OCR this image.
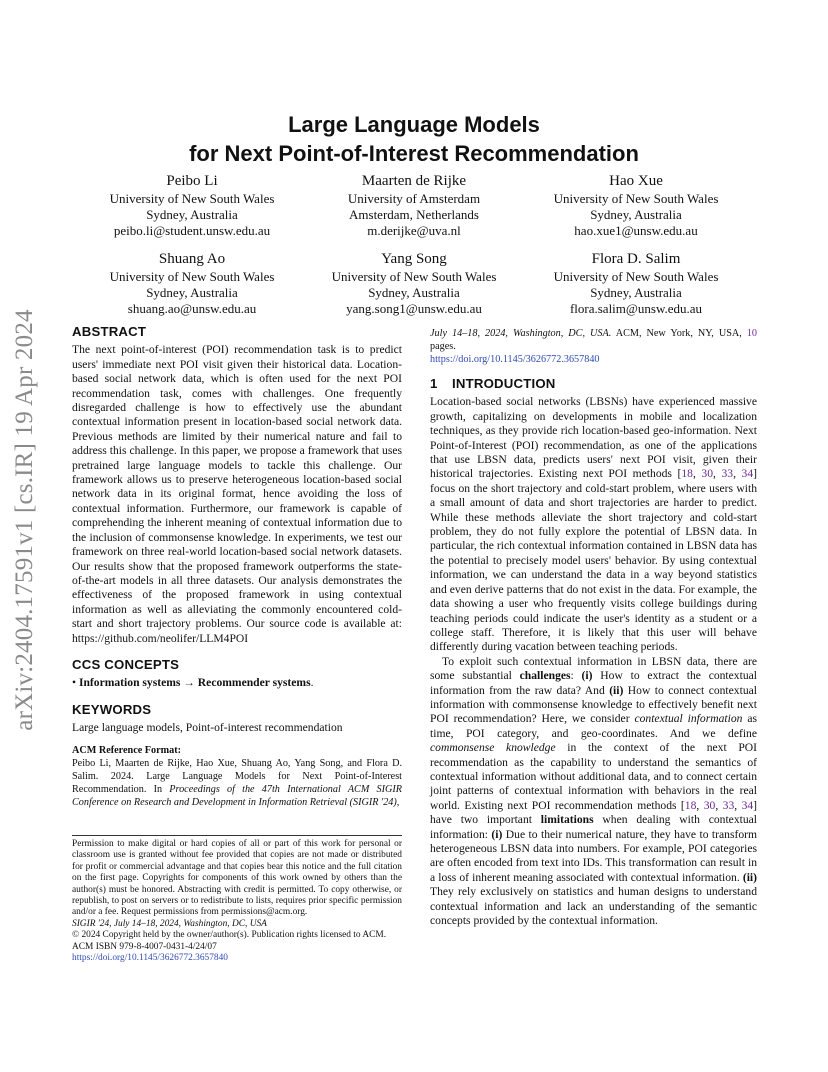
arXiv:2404.17591v1 [cs.IR] 19 Apr 2024
Large Language Models
for Next Point-of-Interest Recommendation
Peibo Li
University of New South Wales
Sydney, Australia
peibo.li@student.unsw.edu.au
Maarten de Rijke
University of Amsterdam
Amsterdam, Netherlands
m.derijke@uva.nl
Hao Xue
University of New South Wales
Sydney, Australia
hao.xue1@unsw.edu.au
Shuang Ao
University of New South Wales
Sydney, Australia
shuang.ao@unsw.edu.au
Yang Song
University of New South Wales
Sydney, Australia
yang.song1@unsw.edu.au
Flora D. Salim
University of New South Wales
Sydney, Australia
flora.salim@unsw.edu.au
ABSTRACT

The next point-of-interest (POI) recommendation task is to predict users' immediate next POI visit given their historical data. Location-based social network data, which is often used for the next POI recommendation task, comes with challenges. One frequently disregarded challenge is how to effectively use the abundant contextual information present in location-based social network data. Previous methods are limited by their numerical nature and fail to address this challenge. In this paper, we propose a framework that uses pretrained large language models to tackle this challenge. Our framework allows us to preserve heterogeneous location-based social network data in its original format, hence avoiding the loss of contextual information. Furthermore, our framework is capable of comprehending the inherent meaning of contextual information due to the inclusion of commonsense knowledge. In experiments, we test our framework on three real-world location-based social network datasets. Our results show that the proposed framework outperforms the state-of-the-art models in all three datasets. Our analysis demonstrates the effectiveness of the proposed framework in using contextual information as well as alleviating the commonly encountered cold-start and short trajectory problems. Our source code is available at: https://github.com/neolifer/LLM4POI

CCS CONCEPTS

• Information systems → Recommender systems.

KEYWORDS

Large language models, Point-of-interest recommendation

ACM Reference Format:
Peibo Li, Maarten de Rijke, Hao Xue, Shuang Ao, Yang Song, and Flora D. Salim. 2024. Large Language Models for Next Point-of-Interest Recommendation. In Proceedings of the 47th International ACM SIGIR Conference on Research and Development in Information Retrieval (SIGIR '24),

Permission to make digital or hard copies of all or part of this work for personal or classroom use is granted without fee provided that copies are not made or distributed for profit or commercial advantage and that copies bear this notice and the full citation on the first page. Copyrights for components of this work owned by others than the author(s) must be honored. Abstracting with credit is permitted. To copy otherwise, or republish, to post on servers or to redistribute to lists, requires prior specific permission and/or a fee. Request permissions from permissions@acm.org.

SIGIR '24, July 14–18, 2024, Washington, DC, USA

© 2024 Copyright held by the owner/author(s). Publication rights licensed to ACM.

ACM ISBN 979-8-4007-0431-4/24/07

https://doi.org/10.1145/3626772.3657840

July 14–18, 2024, Washington, DC, USA. ACM, New York, NY, USA, 10 pages.
https://doi.org/10.1145/3626772.3657840
1 INTRODUCTION

Location-based social networks (LBSNs) have experienced massive growth, capitalizing on developments in mobile and localization techniques, as they provide rich location-based geo-information. Next Point-of-Interest (POI) recommendation, as one of the applications that use LBSN data, predicts users' next POI visit, given their historical trajectories. Existing next POI methods [18, 30, 33, 34] focus on the short trajectory and cold-start problem, where users with a small amount of data and short trajectories are harder to predict. While these methods alleviate the short trajectory and cold-start problem, they do not fully explore the potential of LBSN data. In particular, the rich contextual information contained in LBSN data has the potential to precisely model users' behavior. By using contextual information, we can understand the data in a way beyond statistics and even derive patterns that do not exist in the data. For example, the data showing a user who frequently visits college buildings during teaching periods could indicate the user's identity as a student or a college staff. Therefore, it is likely that this user will behave differently during vacation between teaching periods.

To exploit such contextual information in LBSN data, there are some substantial challenges: (i) How to extract the contextual information from the raw data? And (ii) How to connect contextual information with commonsense knowledge to effectively benefit next POI recommendation? Here, we consider contextual information as time, POI category, and geo-coordinates. And we define commonsense knowledge in the context of the next POI recommendation as the capability to understand the semantics of contextual information without additional data, and to connect certain joint patterns of contextual information with behaviors in the real world. Existing next POI recommendation methods [18, 30, 33, 34] have two important limitations when dealing with contextual information: (i) Due to their numerical nature, they have to transform heterogeneous LBSN data into numbers. For example, POI categories are often encoded from text into IDs. This transformation can result in a loss of inherent meaning associated with contextual information. (ii) They rely exclusively on statistics and human designs to understand contextual information and lack an understanding of the semantic concepts provided by the contextual information.
